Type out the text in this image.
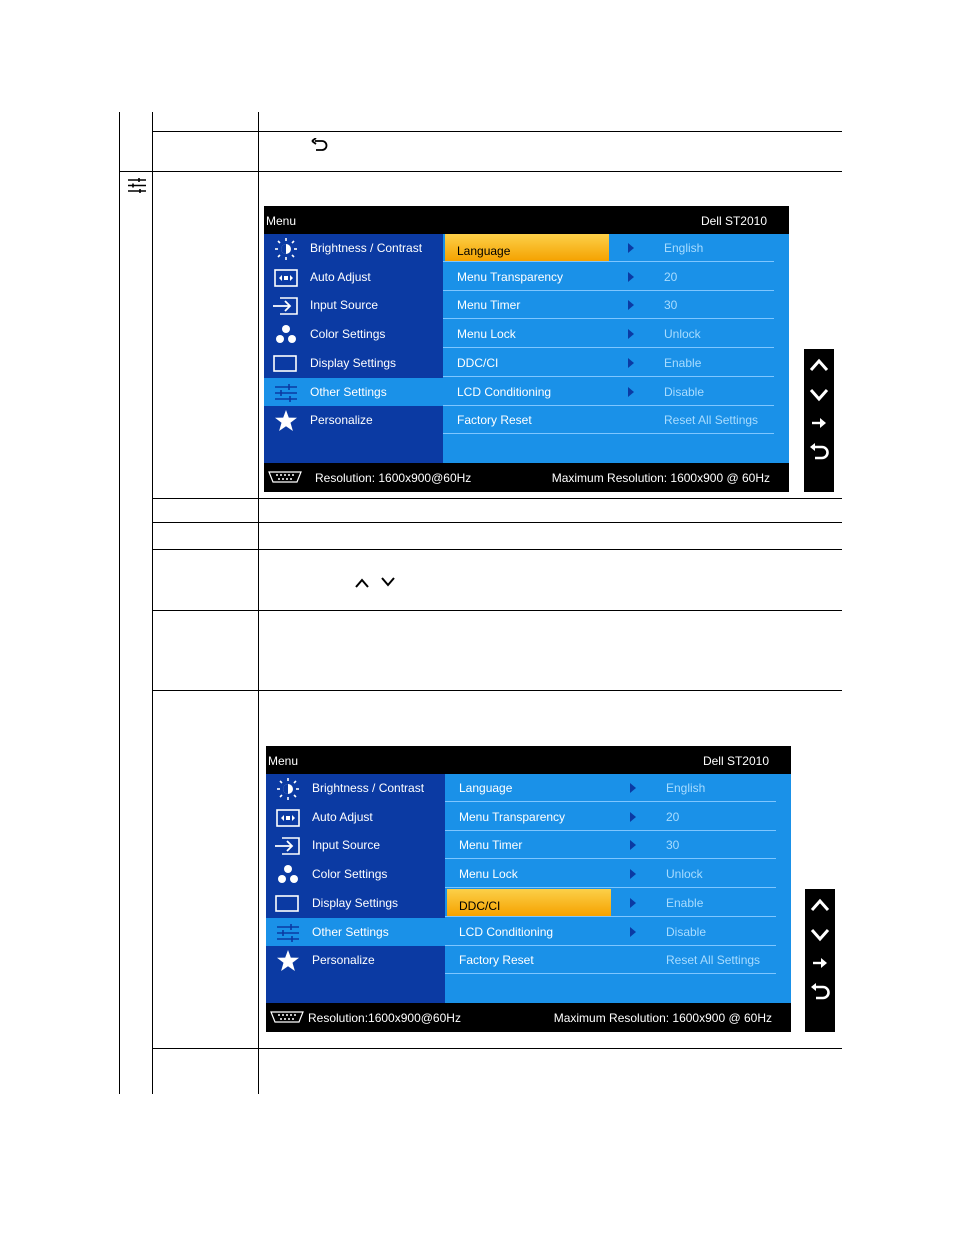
Menu	Dell ST2010
Brightness / Contrast
Auto Adjust
Input Source
Color Settings
Display Settings
Other Settings
Personalize
Language	English
Menu Transparency	20
Menu Timer	30
Menu Lock	Unlock
DDC/CI	Enable
LCD Conditioning	Disable
Factory Reset	Reset All Settings
Resolution: 1600x900@60Hz	Maximum Resolution: 1600x900 @ 60Hz
Menu	Dell ST2010
Brightness / Contrast
Auto Adjust
Input Source
Color Settings
Display Settings
Other Settings
Personalize
Language	English
Menu Transparency	20
Menu Timer	30
Menu Lock	Unlock
DDC/CI	Enable
LCD Conditioning	Disable
Factory Reset	Reset All Settings
Resolution:1600x900@60Hz	Maximum Resolution: 1600x900 @ 60Hz
